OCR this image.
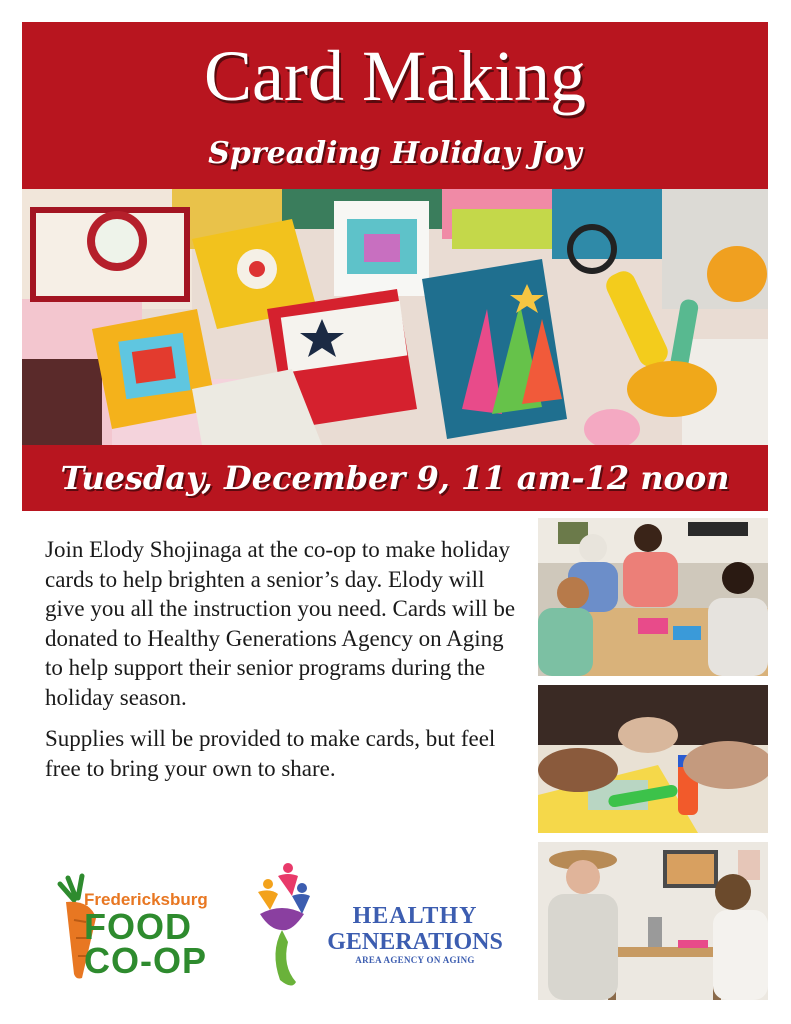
Card Making
Spreading Holiday Joy
Tuesday, December 9, 11 am-12 noon

Join Elody Shojinaga at the co-op to make holiday cards to help brighten a senior’s day. Elody will give you all the instruction you need. Cards will be donated to Healthy Generations Agency on Aging to help support their senior programs during the holiday season.

Supplies will be provided to make cards, but feel free to bring your own to share.

Fredericksburg
FOOD
CO-OP
HEALTHY
GENERATIONS
AREA AGENCY ON AGING
